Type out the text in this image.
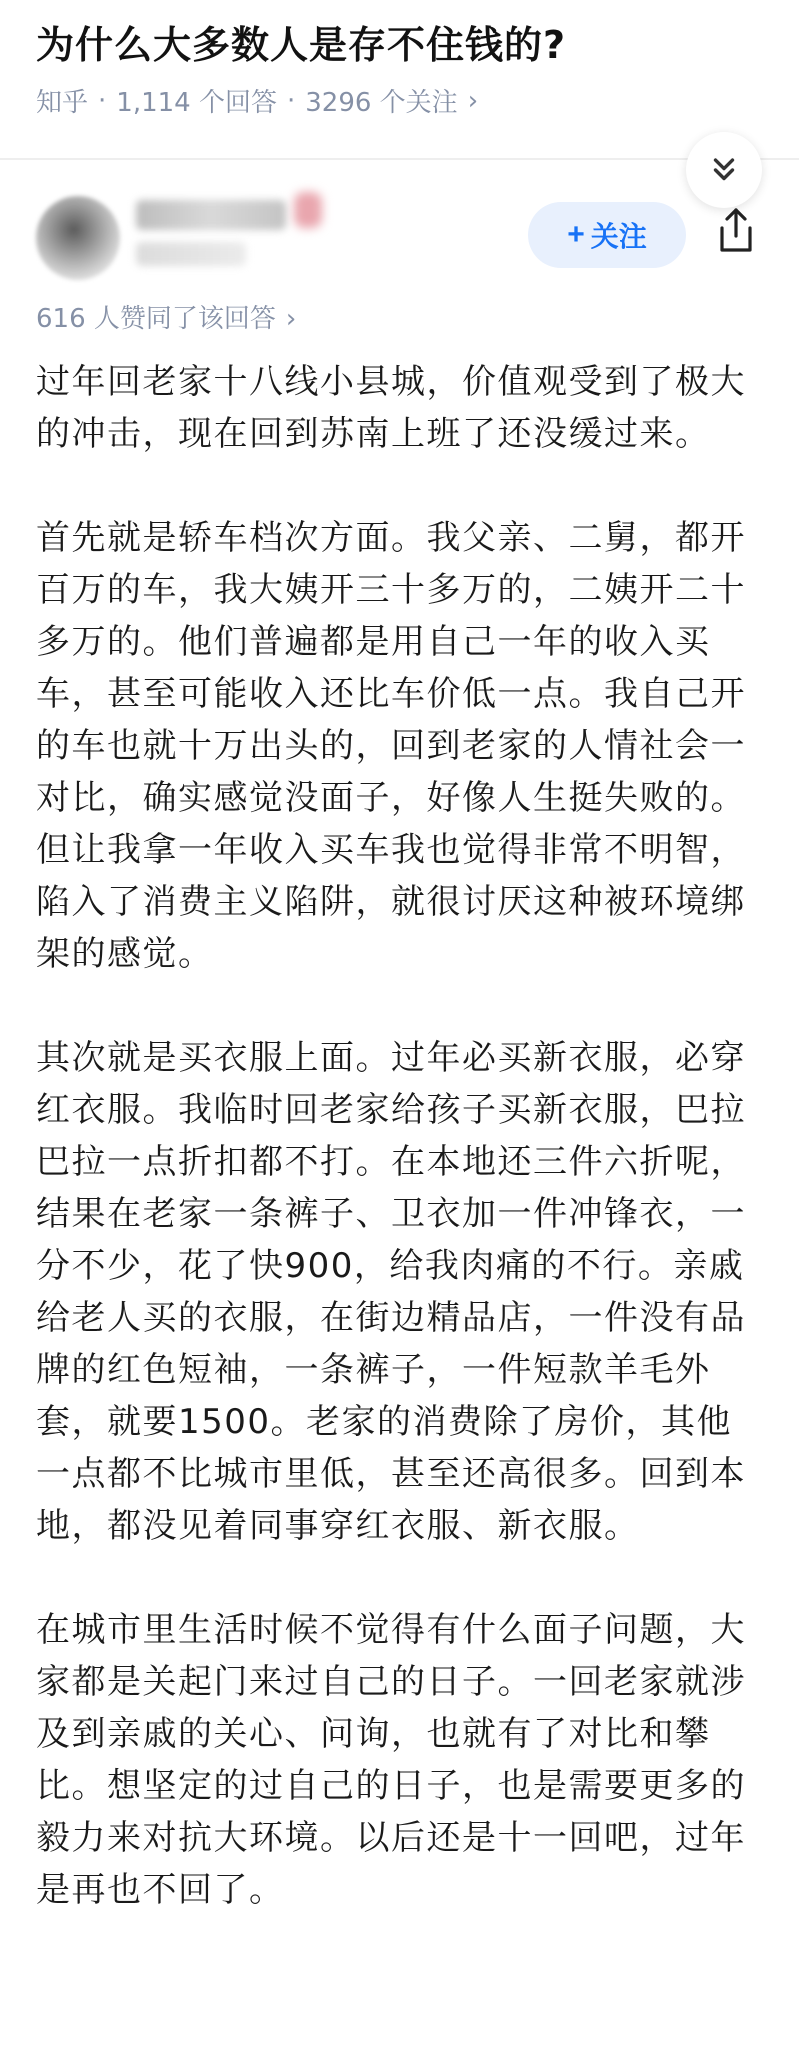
为什么大多数人是存不住钱的?
知乎 · 1,114 个回答 · 3296 个关注 ›
+ 关注
616 人赞同了该回答 ›

过年回老家十八线小县城，价值观受到了极大的冲击，现在回到苏南上班了还没缓过来。

首先就是轿车档次方面。我父亲、二舅，都开百万的车，我大姨开三十多万的，二姨开二十多万的。他们普遍都是用自己一年的收入买车，甚至可能收入还比车价低一点。我自己开的车也就十万出头的，回到老家的人情社会一对比，确实感觉没面子，好像人生挺失败的。但让我拿一年收入买车我也觉得非常不明智，陷入了消费主义陷阱，就很讨厌这种被环境绑架的感觉。

其次就是买衣服上面。过年必买新衣服，必穿红衣服。我临时回老家给孩子买新衣服，巴拉巴拉一点折扣都不打。在本地还三件六折呢，结果在老家一条裤子、卫衣加一件冲锋衣，一分不少，花了快900，给我肉痛的不行。亲戚给老人买的衣服，在街边精品店，一件没有品牌的红色短袖，一条裤子，一件短款羊毛外套，就要1500。老家的消费除了房价，其他一点都不比城市里低，甚至还高很多。回到本地，都没见着同事穿红衣服、新衣服。

在城市里生活时候不觉得有什么面子问题，大家都是关起门来过自己的日子。一回老家就涉及到亲戚的关心、问询，也就有了对比和攀比。想坚定的过自己的日子，也是需要更多的毅力来对抗大环境。以后还是十一回吧，过年是再也不回了。
